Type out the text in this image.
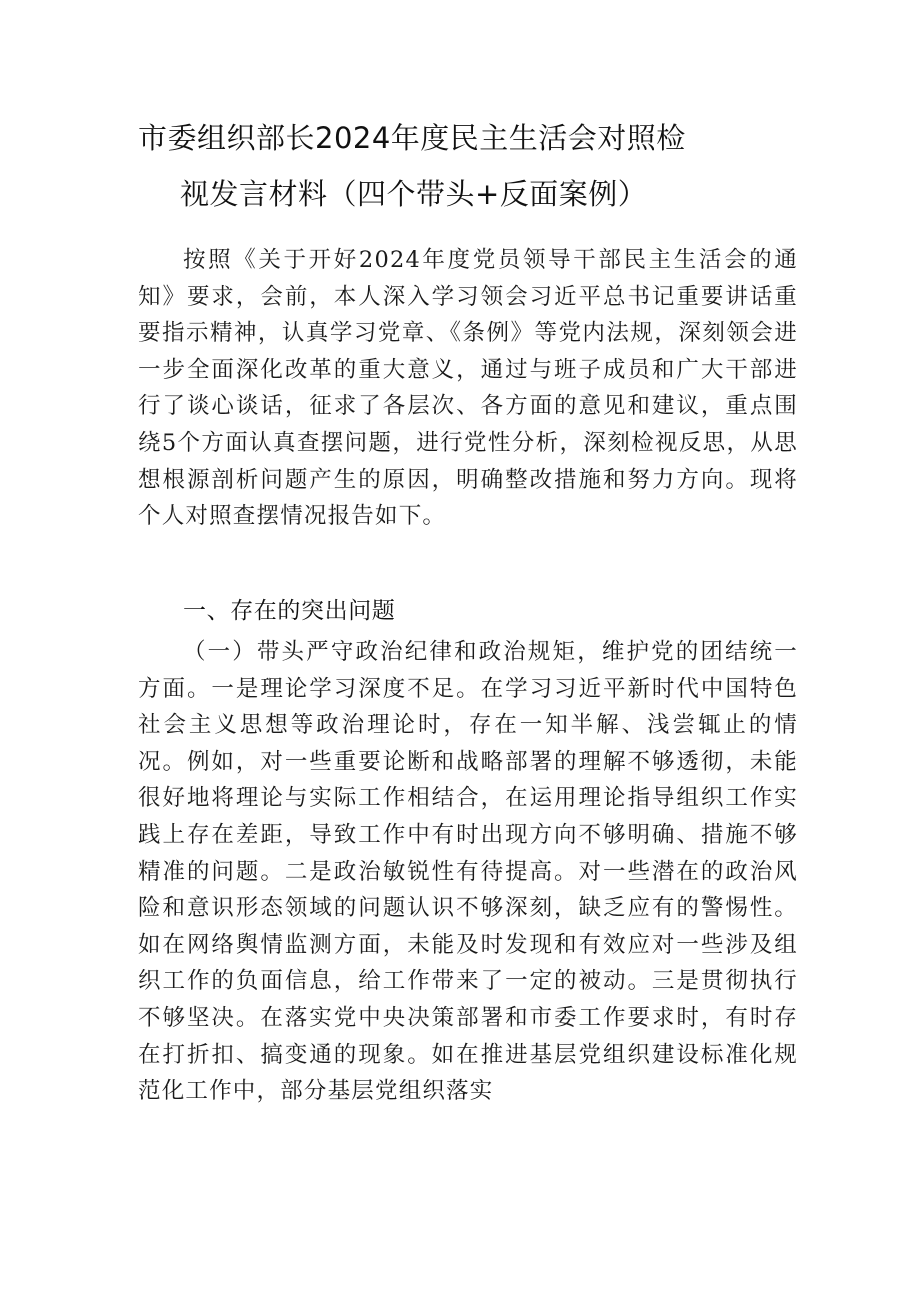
市委组织部长2024年度民主生活会对照检
视发言材料（四个带头+反面案例）

按照《关于开好2024年度党员领导干部民主生活会的通知》要求，会前，本人深入学习领会习近平总书记重要讲话重要指示精神，认真学习党章、《条例》等党内法规，深刻领会进一步全面深化改革的重大意义，通过与班子成员和广大干部进行了谈心谈话，征求了各层次、各方面的意见和建议，重点围绕5个方面认真查摆问题，进行党性分析，深刻检视反思，从思想根源剖析问题产生的原因，明确整改措施和努力方向。现将个人对照查摆情况报告如下。

一、存在的突出问题

（一）带头严守政治纪律和政治规矩，维护党的团结统一方面。一是理论学习深度不足。在学习习近平新时代中国特色社会主义思想等政治理论时，存在一知半解、浅尝辄止的情况。例如，对一些重要论断和战略部署的理解不够透彻，未能很好地将理论与实际工作相结合，在运用理论指导组织工作实践上存在差距，导致工作中有时出现方向不够明确、措施不够精准的问题。二是政治敏锐性有待提高。对一些潜在的政治风险和意识形态领域的问题认识不够深刻，缺乏应有的警惕性。如在网络舆情监测方面，未能及时发现和有效应对一些涉及组织工作的负面信息，给工作带来了一定的被动。三是贯彻执行不够坚决。在落实党中央决策部署和市委工作要求时，有时存在打折扣、搞变通的现象。如在推进基层党组织建设标准化规范化工作中，部分基层党组织落实
